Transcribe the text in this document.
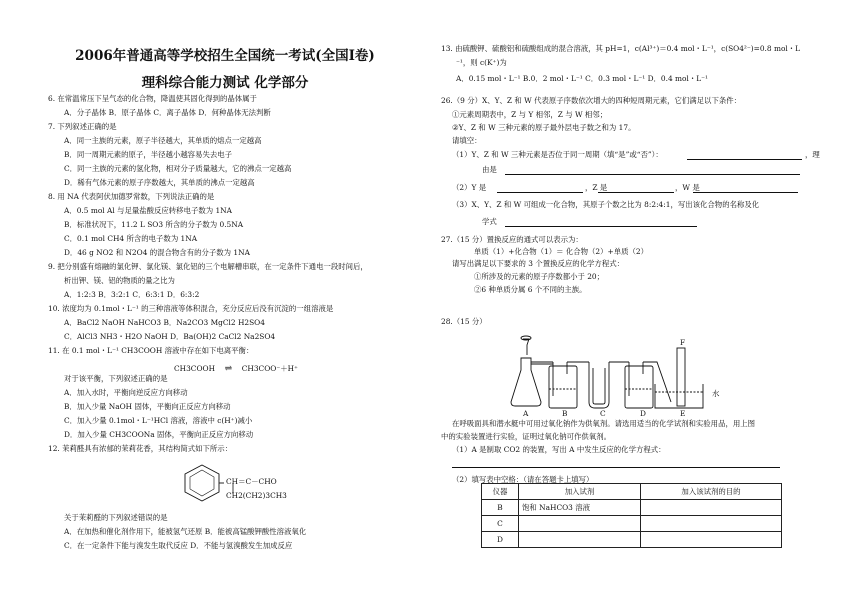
2006年普通高等学校招生全国统一考试(全国Ⅰ卷)
理科综合能力测试 化学部分
6. 在常温常压下呈气态的化合物，降温使其固化得到的晶体属于
A．分子晶体 B．原子晶体 C．离子晶体 D．何种晶体无法判断
7. 下列叙述正确的是
A．同一主族的元素，原子半径越大，其单质的熔点一定越高
B．同一周期元素的原子，半径越小越容易失去电子
C．同一主族的元素的氢化物，相对分子质量越大，它的沸点一定越高
D．稀有气体元素的原子序数越大，其单质的沸点一定越高
8. 用 NA 代表阿伏加德罗常数，下列说法正确的是
A．0.5 mol Al 与足量盐酸反应转移电子数为 1NA
B．标准状况下，11.2 L SO3 所含的分子数为 0.5NA
C．0.1 mol CH4 所含的电子数为 1NA
D．46 g NO2 和 N2O4 的混合物含有的分子数为 1NA
9. 把分别盛有熔融的氯化钾、氯化镁、氯化铝的三个电解槽串联，在一定条件下通电一段时间后，
析出钾、镁、铝的物质的量之比为
A．1:2:3 B．3:2:1 C．6:3:1 D．6:3:2
10. 浓度均为 0.1mol・L⁻¹ 的三种溶液等体积混合，充分反应后没有沉淀的一组溶液是
A．BaCl2 NaOH NaHCO3 B．Na2CO3 MgCl2 H2SO4
C．AlCl3 NH3・H2O NaOH D．Ba(OH)2 CaCl2 Na2SO4
11. 在 0.1 mol・L⁻¹ CH3COOH 溶液中存在如下电离平衡：
对于该平衡，下列叙述正确的是
A．加入水时，平衡向逆反应方向移动
B．加入少量 NaOH 固体，平衡向正反应方向移动
C．加入少量 0.1mol・L⁻¹HCl 溶液，溶液中 c(H⁺)减小
D．加入少量 CH3COONa 固体，平衡向正反应方向移动
12. 茉莉醛具有浓郁的茉莉花香，其结构简式如下所示：
关于茉莉醛的下列叙述错误的是
A．在加热和催化剂作用下，能被氢气还原 B．能被高锰酸钾酸性溶液氧化
C．在一定条件下能与溴发生取代反应 D．不能与氢溴酸发生加成反应
13. 由硫酸钾、硫酸铝和硫酸组成的混合溶液，其 pH=1，c(Al³⁺)＝0.4 mol・L⁻¹，c(SO4²⁻)=0.8 mol・L
⁻¹，则 c(K⁺)为
A．0.15 mol・L⁻¹ B.0．2 mol・L⁻¹ C．0.3 mol・L⁻¹ D．0.4 mol・L⁻¹
26.（9 分）X、Y、Z 和 W 代表原子序数依次增大的四种短周期元素，它们满足以下条件：
①元素周期表中，Z 与 Y 相邻，Z 与 W 相邻；
②Y、Z 和 W 三种元素的原子最外层电子数之和为 17。
请填空：
（1）Y、Z 和 W 三种元素是否位于同一周期（填“是”或“否”）：	，理
由是
（2）Y 是	，Z 是	，W 是
（3）X、Y、Z 和 W 可组成一化合物，其原子个数之比为 8:2:4:1，写出该化合物的名称及化
学式
27.（15 分）置换反应的通式可以表示为：
单质（1）+化合物（1）＝ 化合物（2）+单质（2）
请写出满足以下要求的 3 个置换反应的化学方程式：
①所涉及的元素的原子序数都小于 20；
②6 种单质分属 6 个不同的主族。
28.（15 分）
在呼吸面具和潜水艇中可用过氧化钠作为供氧剂。请选用适当的化学试剂和实验用品，用上图
中的实验装置进行实验，证明过氧化钠可作供氧剂。
（1）A 是制取 CO2 的装置，写出 A 中发生反应的化学方程式：
（2）填写表中空格：（请在答题卡上填写）
CH3COOH ⇌ CH3COO⁻＋H⁺
CH＝C－CHO
CH2(CH2)3CH3
A	B	C	D	E
F
水
仪器	加入试剂	加入该试剂的目的
B	饱和 NaHCO3 溶液	
C		
D		
